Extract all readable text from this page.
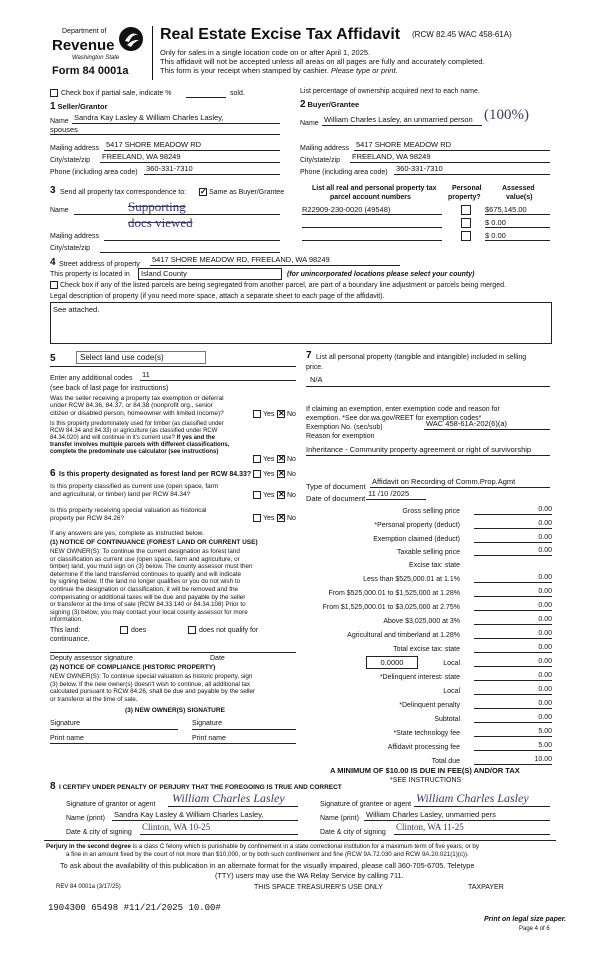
Department of
Revenue
Washington State
Form 84 0001a
Real Estate Excise Tax Affidavit (RCW 82.45 WAC 458-61A)
Only for sales in a single location code on or after April 1, 2025.
This affidavit will not be accepted unless all areas on all pages are fully and accurately completed.
This form is your receipt when stamped by cashier. Please type or print.
Check box if partial sale, indicate %	sold.	List percentage of ownership acquired next to each name.
1 Seller/Grantor
Name Sandra Kay Lasley & William Charles Lasley,
spouses
Mailing address 5417 SHORE MEADOW RD
City/state/zip FREELAND, WA 98249
Phone (including area code) 360-331-7310
2 Buyer/Grantee
(100%)
Name William Charles Lasley, an unmarried person
Mailing address 5417 SHORE MEADOW RD
City/state/zip FREELAND, WA 98249
Phone (including area code) 360-331-7310
3 Send all property tax correspondence to: ✓ Same as Buyer/Grantee
Name	Supporting
docs viewed
Mailing address
City/state/zip
List all real and personal property tax
parcel account numbers
Personal
property?
Assessed
value(s)
R22909-230-0020 (49548)	$675,145.00
$ 0.00
$ 0.00
4 Street address of property
5417 SHORE MEADOW RD, FREELAND, WA 98249
This property is located in Island County	(for unincorporated locations please select your county)
Check box if any of the listed parcels are being segregated from another parcel, are part of a boundary line adjustment or parcels being merged.
Legal description of property (if you need more space, attach a separate sheet to each page of the affidavit).
See attached.
5	Select land use code(s)
Enter any additional codes 11
(see back of last page for instructions)
Was the seller receiving a property tax exemption or deferral
under RCW 84.36, 84.37, or 84.38 (nonprofit org., senior
citizen or disabled person, homeowner with limited income)?	Yes ✕ No
Is this property predominately used for timber (as classified under
RCW 84.34 and 84.33) or agriculture (as classified under RCW
84.34.020) and will continue in it's current use? If yes and the
transfer involves multiple parcels with different classifications,
complete the predominate use calculator (see instructions)
Yes ✕ No
6 Is this property designated as forest land per RCW 84.33? Yes ✕ No
Is this property classified as current use (open space, farm
and agricultural, or timber) land per RCW 84.34?	Yes ✕ No
Is this property receiving special valuation as historical
property per RCW 84.26?	Yes ✕ No
If any answers are yes, complete as instructed below.
(1) NOTICE OF CONTINUANCE (FOREST LAND OR CURRENT USE)
NEW OWNER(S): To continue the current designation as forest land
or classification as current use (open space, farm and agriculture, or
timber) land, you must sign on (3) below. The county assessor must then
determine if the land transferred continues to qualify and will indicate
by signing below. If the land no longer qualifies or you do not wish to
continue the designation or classification, it will be removed and the
compensating or additional taxes will be due and payable by the seller
or transferor at the time of sale (RCW 84.33.140 or 84.34.108) Prior to
signing (3) below, you may contact your local county assessor for more
information.
This land:
continuance.
does	does not qualify for
Deputy assessor signature	Date
(2) NOTICE OF COMPLIANCE (HISTORIC PROPERTY)
NEW OWNER(S): To continue special valuation as historic property, sign
(3) below. If the new owner(s) doesn't wish to continue, all additional tax
calculated pursuant to RCW 84.26, shall be due and payable by the seller
or transferor at the time of sale.
(3) NEW OWNER(S) SIGNATURE
Signature	Signature
Print name	Print name
7 List all personal property (tangible and intangible) included in selling
price.
N/A
If claiming an exemption, enter exemption code and reason for
exemption. *See dor.wa.gov/REET for exemption codes*
Exemption No. (sec/sub)	WAC 458-61A-202(6)(a)
Reason for exemption
Inheritance - Community property agreement or right of survivorship
Type of document
Affidavit on Recording of Comm.Prop.Agmt
Date of document
11 /10 /2025
Gross selling price	0.00
*Personal property (deduct)	0.00
Exemption claimed (deduct)	0.00
Taxable selling price	0.00
Excise tax: state
Less than $525,000.01 at 1.1%	0.00
From $525,000.01 to $1,525,000 at 1.28%	0.00
From $1,525,000.01 to $3,025,000 at 2.75%	0.00
Above $3,025,000 at 3%	0.00
Agricultural and timberland at 1.28%	0.00
Total excise tax: state	0.00
0.0000	Local	0.00
*Delinquent interest: state	0.00
Local	0.00
*Delinquent penalty	0.00
Subtotal	0.00
*State technology fee	5.00
Affidavit processing fee	5.00
Total due	10.00
A MINIMUM OF $10.00 IS DUE IN FEE(S) AND/OR TAX
*SEE INSTRUCTIONS
8 I CERTIFY UNDER PENALTY OF PERJURY THAT THE FOREGOING IS TRUE AND CORRECT
Signature of grantor or agent William Charles Lasley
Name (print) Sandra Kay Lasley & William Charles Lasley,
Date & city of signing
Clinton, WA 10-25
Signature of grantee or agent William Charles Lasley
Name (print) William Charles Lasley, unmarried pers
Date & city of signing
Clinton, WA 11-25
Perjury in the second degree is a class C felony which is punishable by confinement in a state correctional institution for a maximum term of five years, or by
a fine in an amount fixed by the court of not more than $10,000, or by both such confinement and fine (RCW 9A.72.030 and RCW 9A.20.021(1)(c)).
To ask about the availability of this publication in an alternate format for the visually impaired, please call 360-705-6705. Teletype
(TTY) users may use the WA Relay Service by calling 711.
REV 84 0001a (3/17/25)	THIS SPACE TREASURER'S USE ONLY	TAXPAYER
1904300 65498 #11/21/2025 10.00#
Print on legal size paper.
Page 4 of 6
